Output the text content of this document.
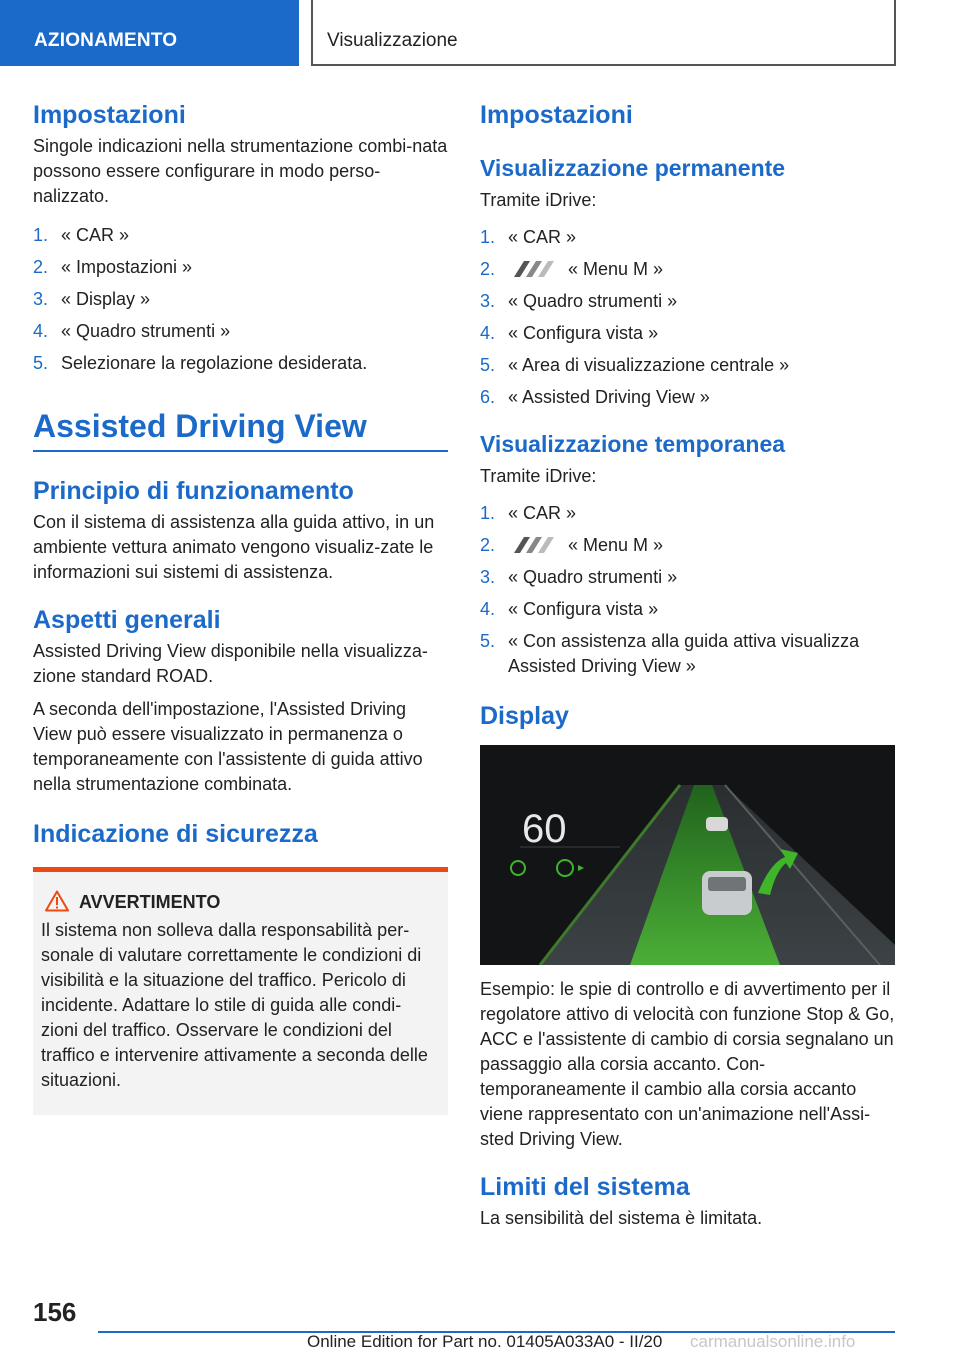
AZIONAMENTO	Visualizzazione
Impostazioni
Singole indicazioni nella strumentazione combi-nata possono essere configurare in modo perso-nalizzato.
1. « CAR »
2. « Impostazioni »
3. « Display »
4. « Quadro strumenti »
5. Selezionare la regolazione desiderata.
Assisted Driving View
Principio di funzionamento
Con il sistema di assistenza alla guida attivo, in un ambiente vettura animato vengono visualiz-zate le informazioni sui sistemi di assistenza.
Aspetti generali
Assisted Driving View disponibile nella visualizza-zione standard ROAD.
A seconda dell'impostazione, l'Assisted Driving View può essere visualizzato in permanenza o temporaneamente con l'assistente di guida attivo nella strumentazione combinata.
Indicazione di sicurezza
AVVERTIMENTO
Il sistema non solleva dalla responsabilità per-sonale di valutare correttamente le condizioni di visibilità e la situazione del traffico. Pericolo di incidente. Adattare lo stile di guida alle condi-zioni del traffico. Osservare le condizioni del traffico e intervenire attivamente a seconda delle situazioni.
Impostazioni
Visualizzazione permanente
Tramite iDrive:
1. « CAR »
2.	« Menu M »
3. « Quadro strumenti »
4. « Configura vista »
5. « Area di visualizzazione centrale »
6. « Assisted Driving View »
Visualizzazione temporanea
Tramite iDrive:
1. « CAR »
2.	« Menu M »
3. « Quadro strumenti »
4. « Configura vista »
5. « Con assistenza alla guida attiva visualizza Assisted Driving View »
Display
60
Esempio: le spie di controllo e di avvertimento per il regolatore attivo di velocità con funzione Stop & Go, ACC e l'assistente di cambio di corsia segnalano un passaggio alla corsia accanto. Con-temporaneamente il cambio alla corsia accanto viene rappresentato con un'animazione nell'Assi-sted Driving View.
Limiti del sistema
La sensibilità del sistema è limitata.
156
Online Edition for Part no. 01405A033A0 - II/20 carmanualsonline.info
